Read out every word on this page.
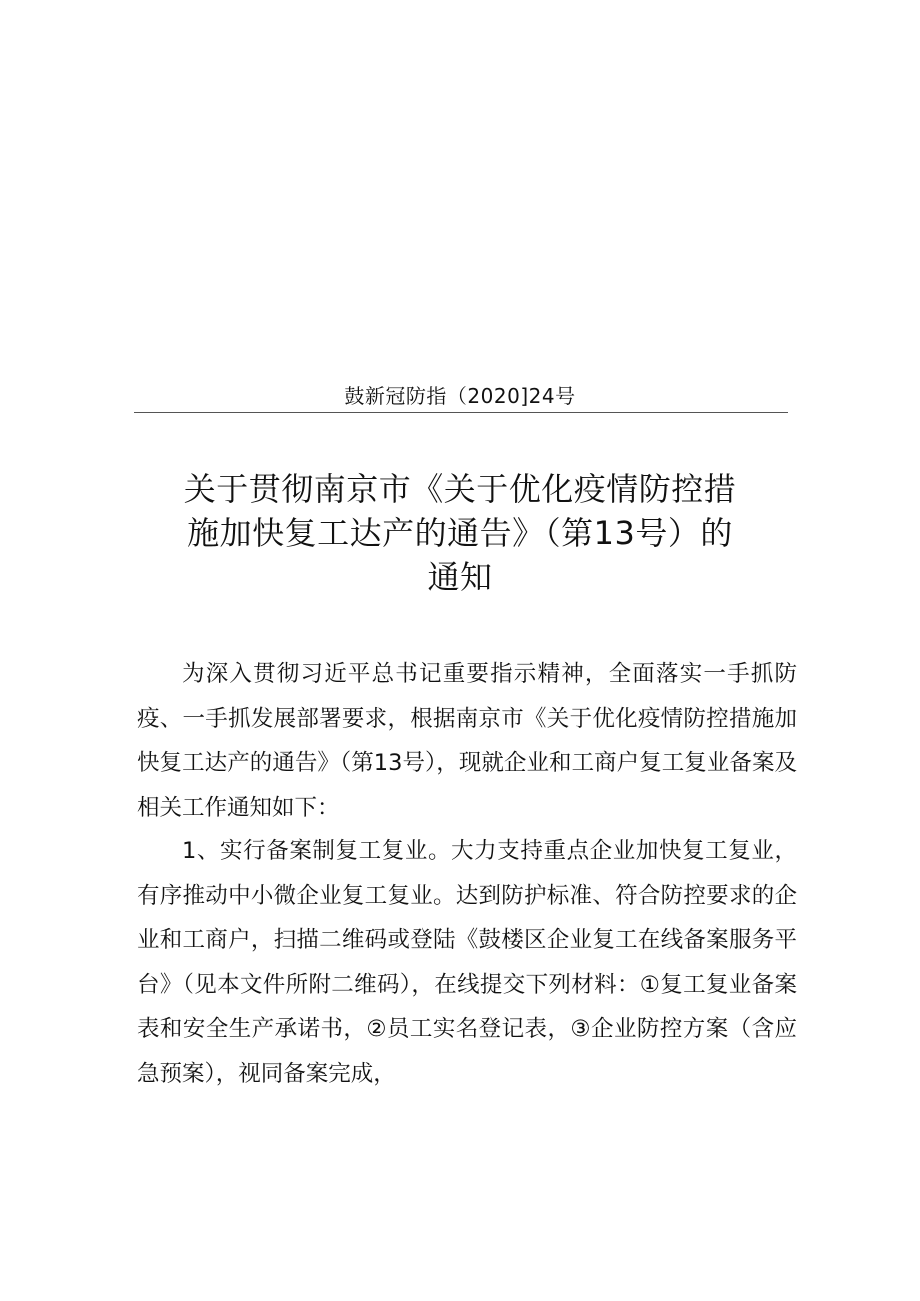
鼓新冠防指（2020]24号
关于贯彻南京市《关于优化疫情防控措
施加快复工达产的通告》（第13号）的
通知

为深入贯彻习近平总书记重要指示精神，全面落实一手抓防疫、一手抓发展部署要求，根据南京市《关于优化疫情防控措施加快复工达产的通告》（第13号），现就企业和工商户复工复业备案及相关工作通知如下：

1、实行备案制复工复业。大力支持重点企业加快复工复业，有序推动中小微企业复工复业。达到防护标准、符合防控要求的企业和工商户，扫描二维码或登陆《鼓楼区企业复工在线备案服务平台》（见本文件所附二维码），在线提交下列材料：①复工复业备案表和安全生产承诺书，②员工实名登记表，③企业防控方案（含应急预案），视同备案完成，
